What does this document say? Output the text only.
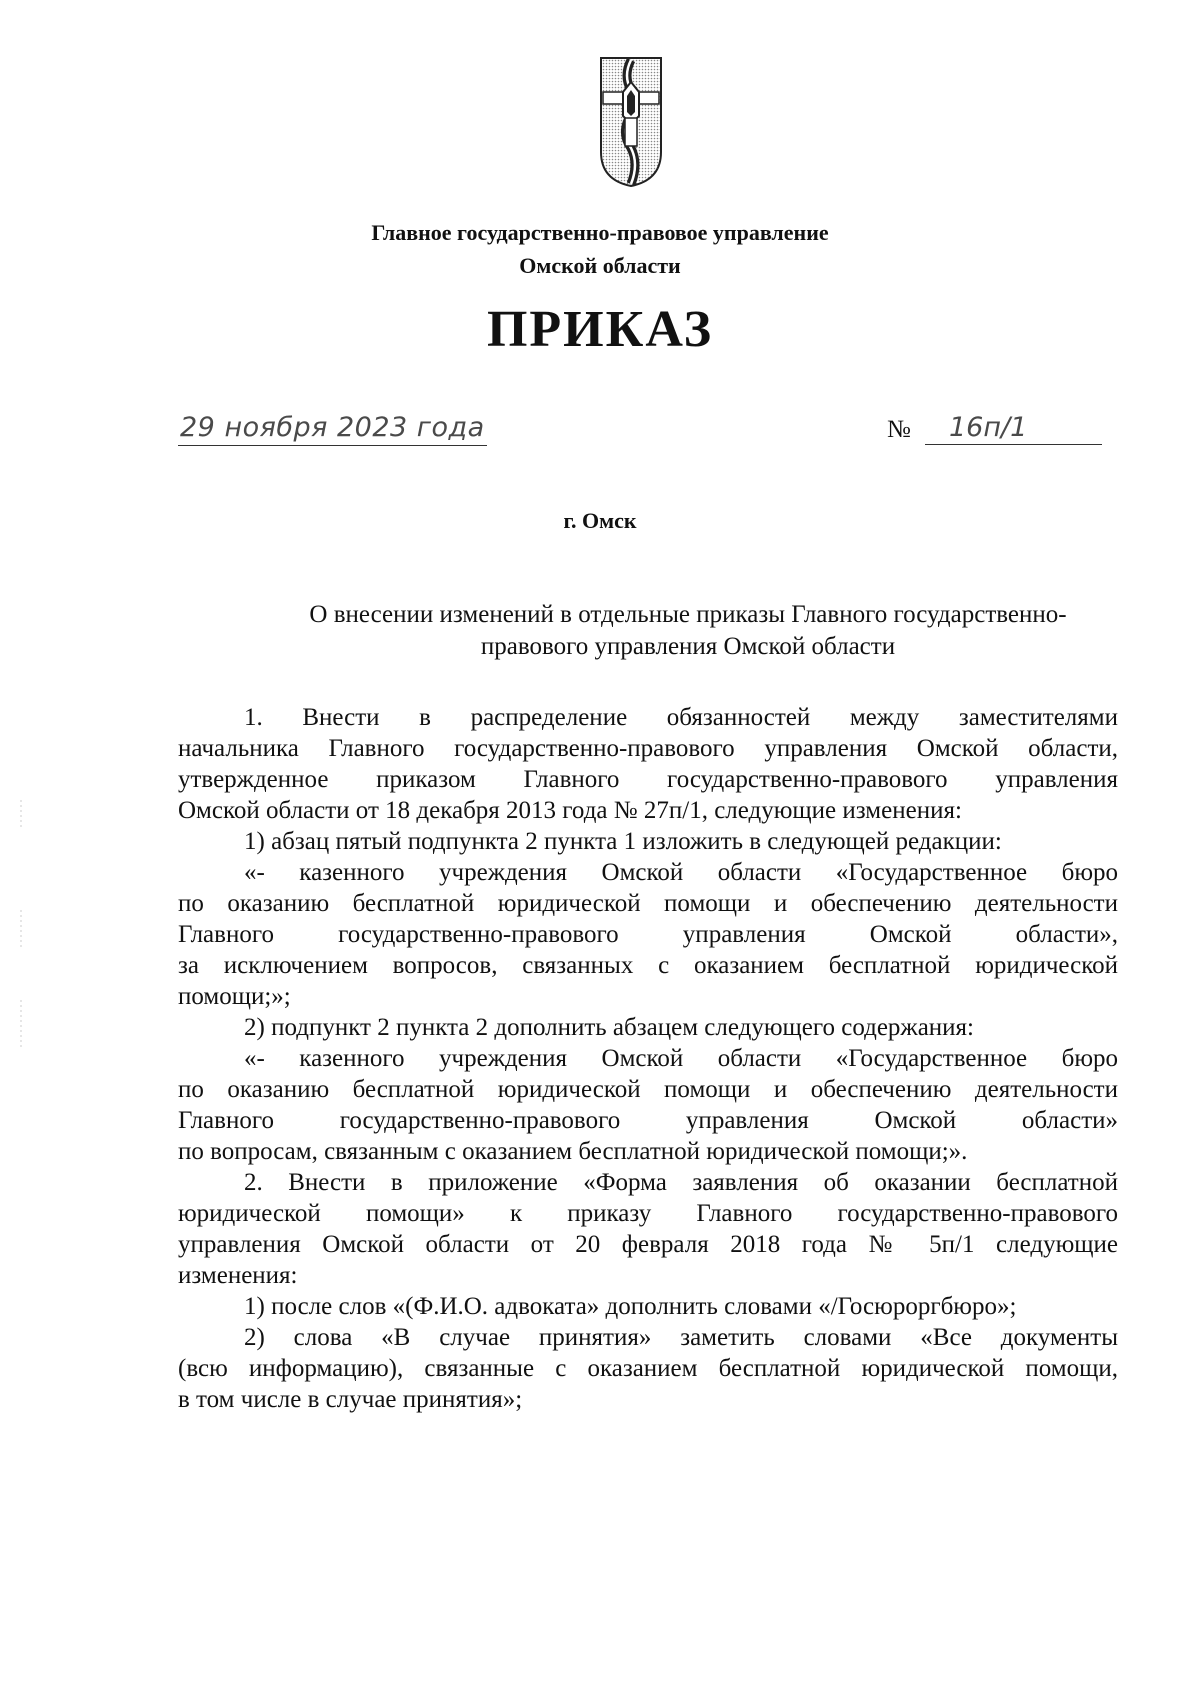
Главное государственно-правовое управление
Омской области
ПРИКАЗ
29 ноября 2023 года	№ 16п/1
г. Омск
О внесении изменений в отдельные приказы Главного государственно-
правового управления Омской области

1. Внести в распределение обязанностей между заместителями

начальника Главного государственно-правового управления Омской области,

утвержденное приказом Главного государственно-правового управления

Омской области от 18 декабря 2013 года № 27п/1, следующие изменения:

1) абзац пятый подпункта 2 пункта 1 изложить в следующей редакции:

«- казенного учреждения Омской области «Государственное бюро

по оказанию бесплатной юридической помощи и обеспечению деятельности

Главного государственно-правового управления Омской области»,

за исключением вопросов, связанных с оказанием бесплатной юридической

помощи;»;

2) подпункт 2 пункта 2 дополнить абзацем следующего содержания:

«- казенного учреждения Омской области «Государственное бюро

по оказанию бесплатной юридической помощи и обеспечению деятельности

Главного государственно-правового управления Омской области»

по вопросам, связанным с оказанием бесплатной юридической помощи;».

2. Внести в приложение «Форма заявления об оказании бесплатной

юридической помощи» к приказу Главного государственно-правового

управления Омской области от 20 февраля 2018 года № 5п/1 следующие

изменения:

1) после слов «(Ф.И.О. адвоката» дополнить словами «/Госюроргбюро»;

2) слова «В случае принятия» заметить словами «Все документы

(всю информацию), связанные с оказанием бесплатной юридической помощи,

в том числе в случае принятия»;
